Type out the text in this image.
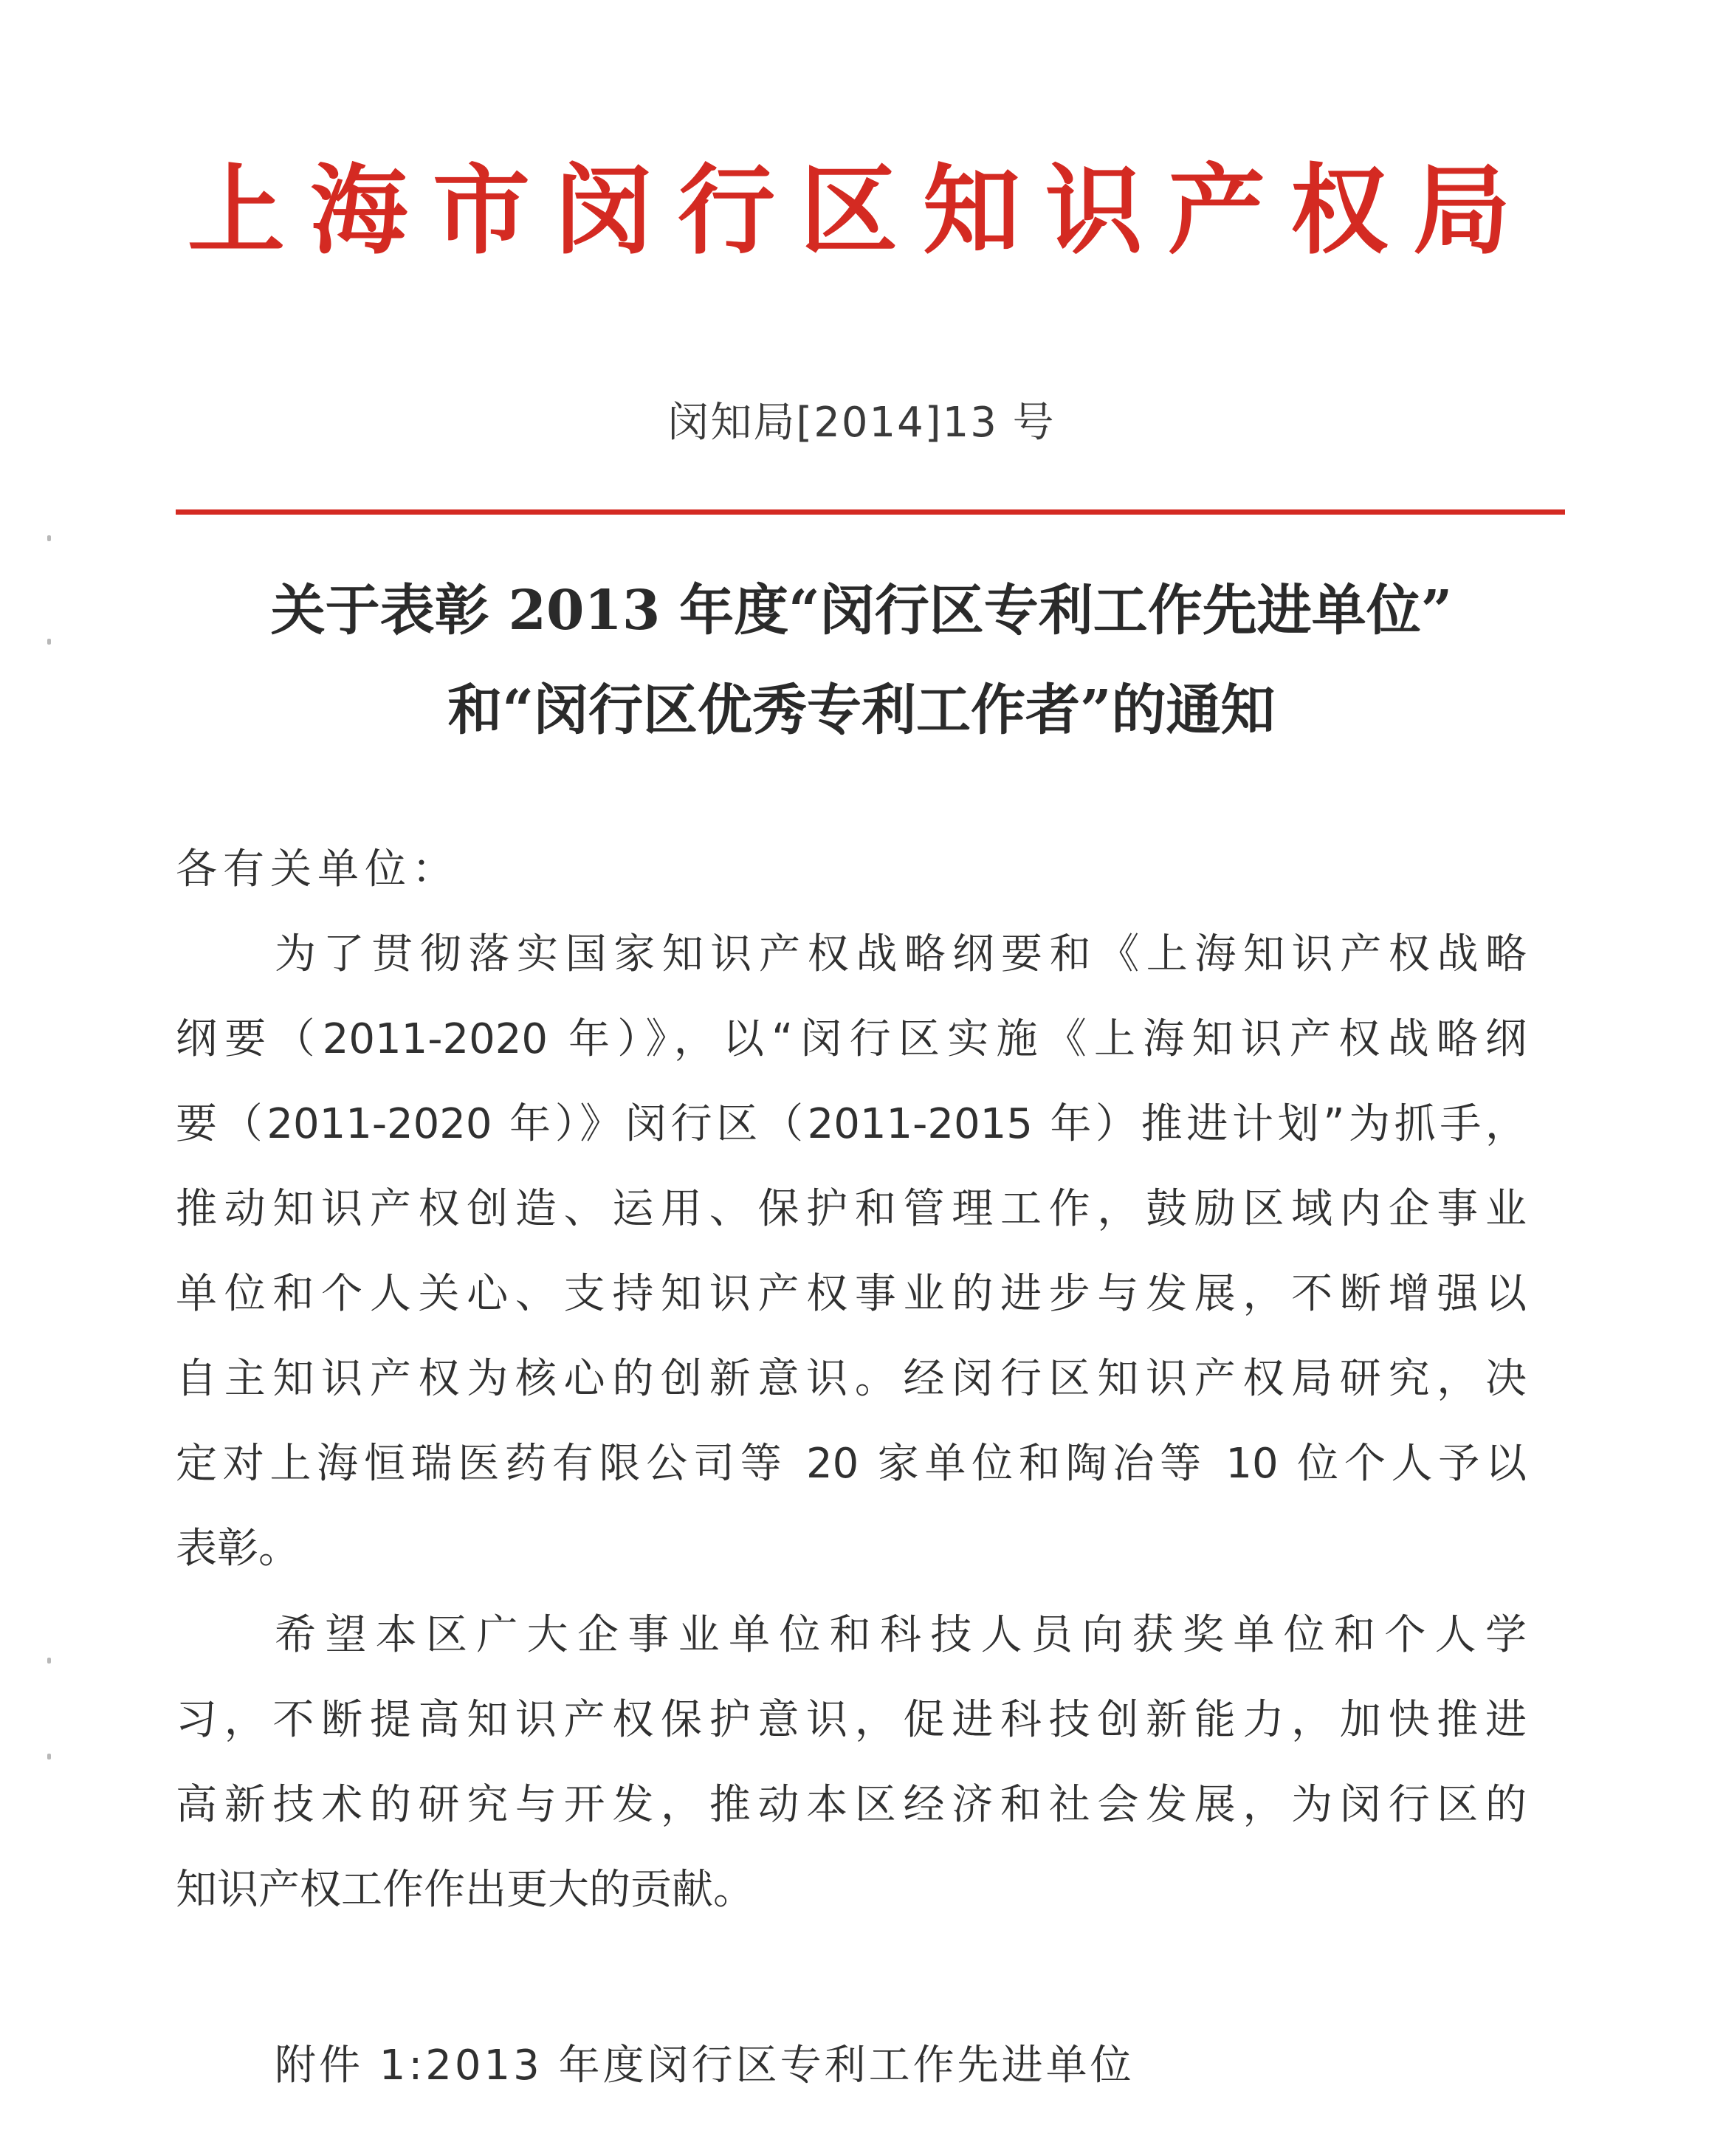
上海市闵行区知识产权局
闵知局[2014]13 号
关于表彰 2013 年度“闵行区专利工作先进单位”
和“闵行区优秀专利工作者”的通知
各有关单位：
为了贯彻落实国家知识产权战略纲要和《上海知识产权战略
纲要（2011-2020 年）》，以“闵行区实施《上海知识产权战略纲
要（2011-2020 年）》闵行区（2011-2015 年）推进计划”为抓手，
推动知识产权创造、运用、保护和管理工作，鼓励区域内企事业
单位和个人关心、支持知识产权事业的进步与发展，不断增强以
自主知识产权为核心的创新意识。经闵行区知识产权局研究，决
定对上海恒瑞医药有限公司等 20 家单位和陶冶等 10 位个人予以
表彰。
希望本区广大企事业单位和科技人员向获奖单位和个人学
习，不断提高知识产权保护意识，促进科技创新能力，加快推进
高新技术的研究与开发，推动本区经济和社会发展，为闵行区的
知识产权工作作出更大的贡献。
附件 1:2013 年度闵行区专利工作先进单位
